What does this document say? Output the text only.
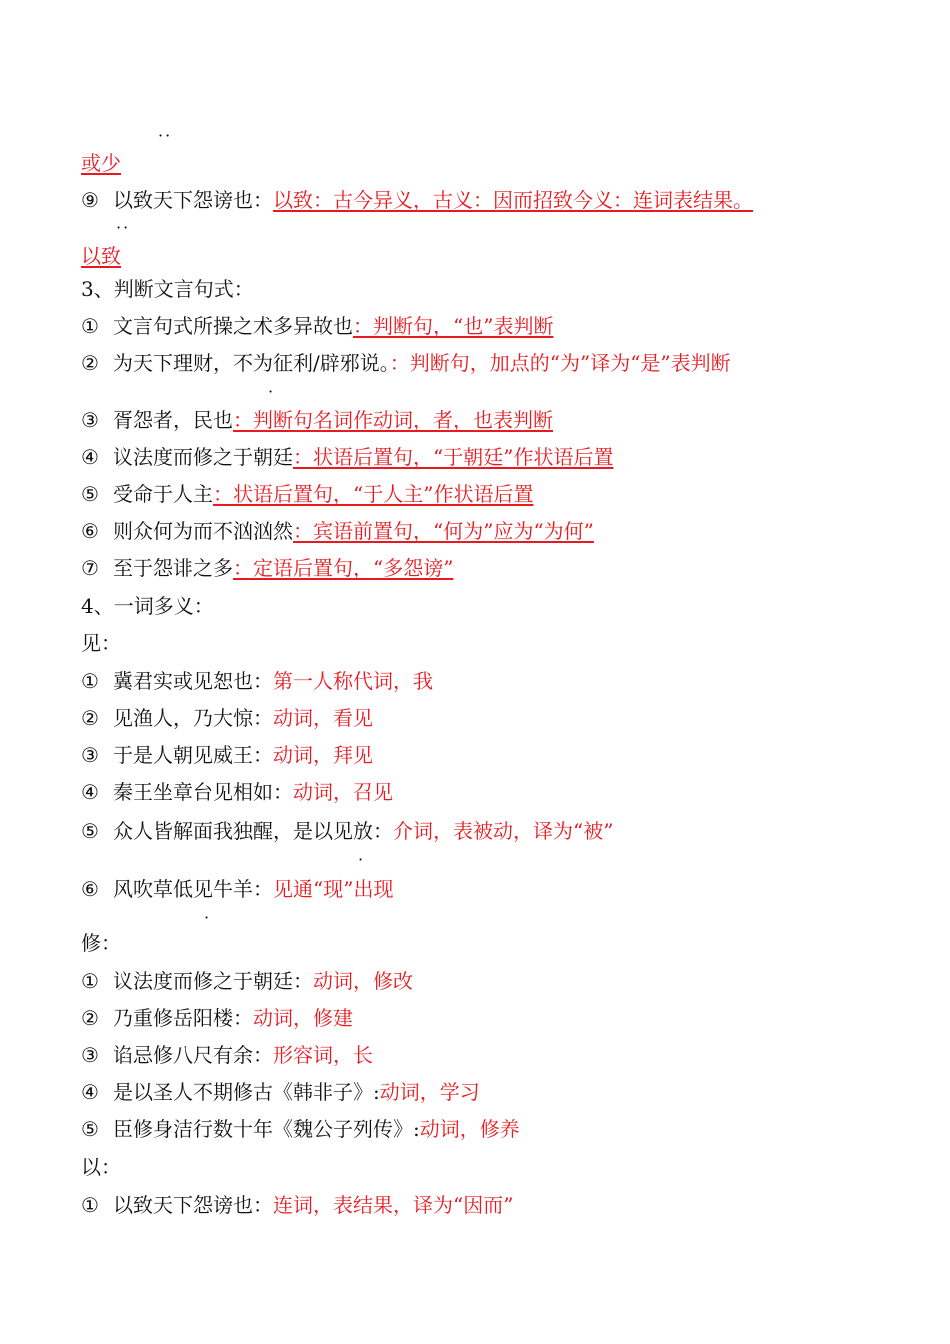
··
··
·
·
·
或少
⑨ 以致天下怨谤也：以致：古今异义，古义：因而招致今义：连词表结果。
以致
3、判断文言句式：
① 文言句式所操之术多异故也：判断句，“也”表判断
② 为天下理财，不为征利/辟邪说。：判断句，加点的“为”译为“是”表判断
③ 胥怨者，民也：判断句名词作动词，者，也表判断
④ 议法度而修之于朝廷：状语后置句，“于朝廷”作状语后置
⑤ 受命于人主：状语后置句，“于人主”作状语后置
⑥ 则众何为而不汹汹然：宾语前置句，“何为”应为“为何”
⑦ 至于怨诽之多：定语后置句，“多怨谤”
4、一词多义：
见：
① 冀君实或见恕也：第一人称代词，我
② 见渔人，乃大惊：动词，看见
③ 于是人朝见威王：动词，拜见
④ 秦王坐章台见相如：动词，召见
⑤ 众人皆解面我独醒，是以见放：介词，表被动，译为“被”
⑥ 风吹草低见牛羊：见通“现”出现
修：
① 议法度而修之于朝廷：动词，修改
② 乃重修岳阳楼：动词，修建
③ 谄忌修八尺有余：形容词，长
④ 是以圣人不期修古《韩非子》:动词，学习
⑤ 臣修身洁行数十年《魏公子列传》:动词，修养
以：
① 以致天下怨谤也：连词，表结果，译为“因而”
